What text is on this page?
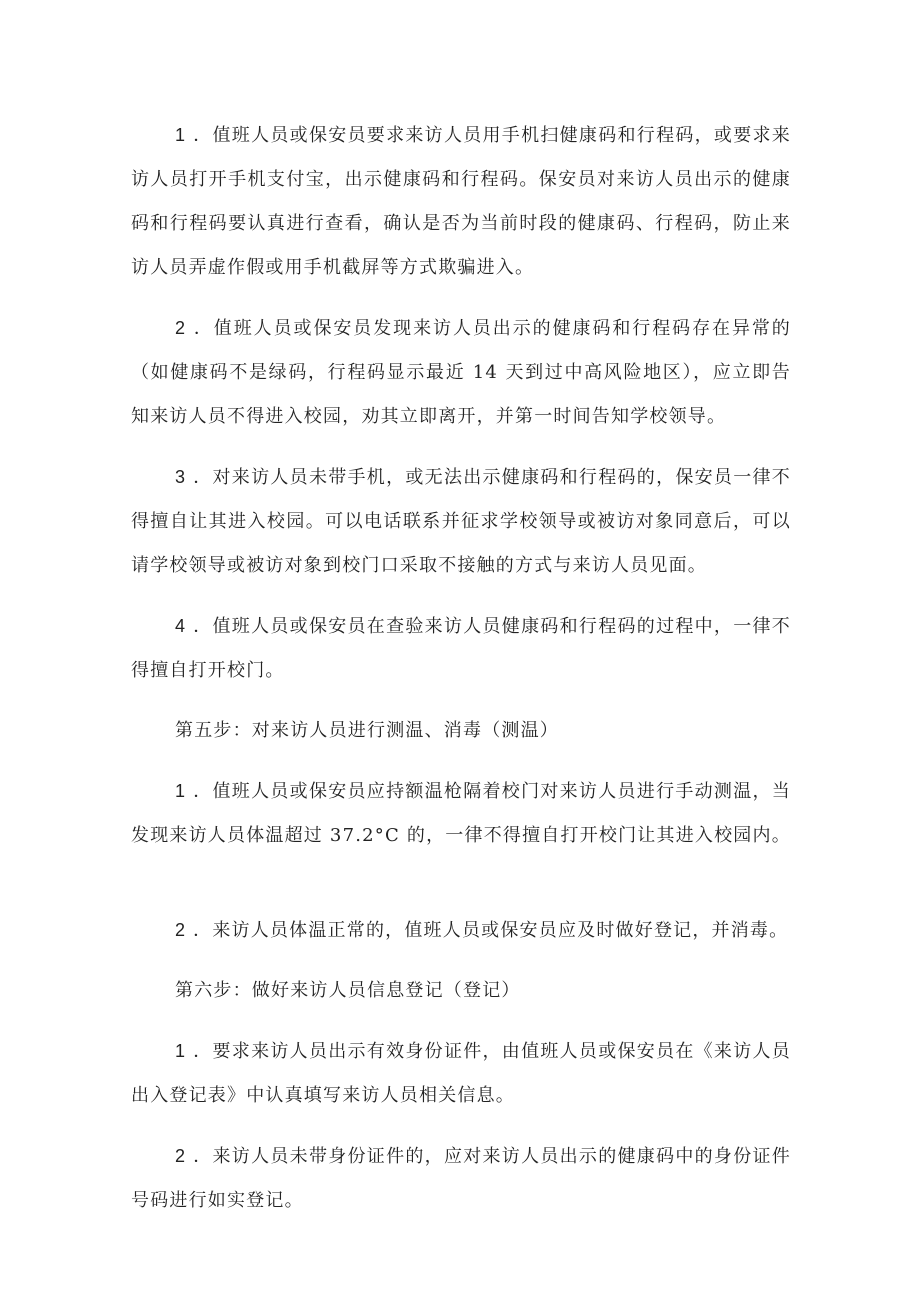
1 ．值班人员或保安员要求来访人员用手机扫健康码和行程码，或要求来访人员打开手机支付宝，出示健康码和行程码。保安员对来访人员出示的健康码和行程码要认真进行查看，确认是否为当前时段的健康码、行程码，防止来访人员弄虚作假或用手机截屏等方式欺骗进入。

2 ．值班人员或保安员发现来访人员出示的健康码和行程码存在异常的（如健康码不是绿码，行程码显示最近 14 天到过中高风险地区），应立即告知来访人员不得进入校园，劝其立即离开，并第一时间告知学校领导。

3 ．对来访人员未带手机，或无法出示健康码和行程码的，保安员一律不得擅自让其进入校园。可以电话联系并征求学校领导或被访对象同意后，可以请学校领导或被访对象到校门口采取不接触的方式与来访人员见面。

4 ．值班人员或保安员在查验来访人员健康码和行程码的过程中，一律不得擅自打开校门。

第五步：对来访人员进行测温、消毒（测温）

1 ．值班人员或保安员应持额温枪隔着校门对来访人员进行手动测温，当发现来访人员体温超过 37.2°C 的，一律不得擅自打开校门让其进入校园内。

2 ．来访人员体温正常的，值班人员或保安员应及时做好登记，并消毒。

第六步：做好来访人员信息登记（登记）

1 ．要求来访人员出示有效身份证件，由值班人员或保安员在《来访人员出入登记表》中认真填写来访人员相关信息。

2 ．来访人员未带身份证件的，应对来访人员出示的健康码中的身份证件号码进行如实登记。
